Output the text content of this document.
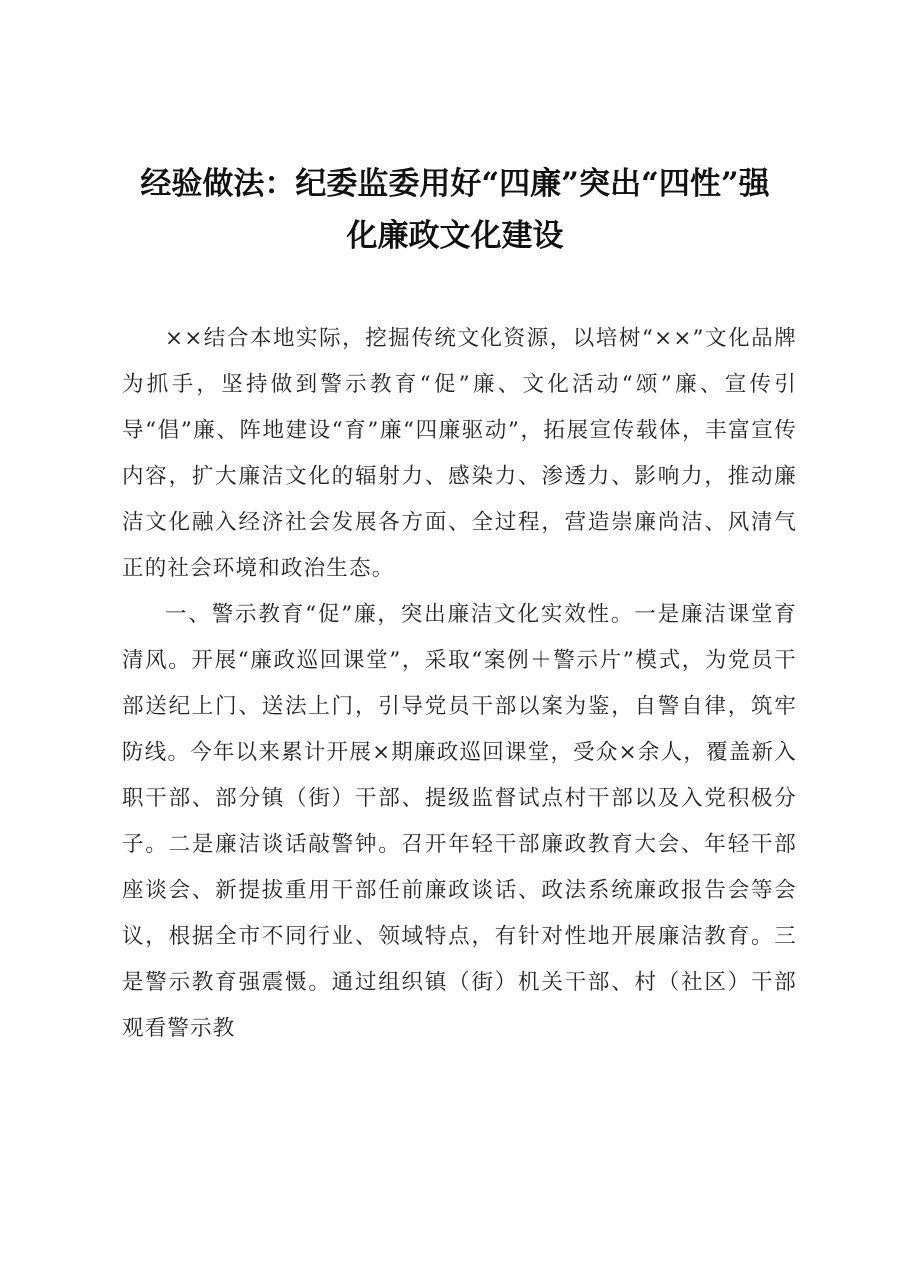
经验做法：纪委监委用好“四廉”突出“四性”强化廉政文化建设

××结合本地实际，挖掘传统文化资源，以培树“××”文化品牌为抓手，坚持做到警示教育“促”廉、文化活动“颂”廉、宣传引导“倡”廉、阵地建设“育”廉“四廉驱动”，拓展宣传载体，丰富宣传内容，扩大廉洁文化的辐射力、感染力、渗透力、影响力，推动廉洁文化融入经济社会发展各方面、全过程，营造崇廉尚洁、风清气正的社会环境和政治生态。

一、警示教育“促”廉，突出廉洁文化实效性。一是廉洁课堂育清风。开展“廉政巡回课堂”，采取“案例＋警示片”模式，为党员干部送纪上门、送法上门，引导党员干部以案为鉴，自警自律，筑牢防线。今年以来累计开展×期廉政巡回课堂，受众×余人，覆盖新入职干部、部分镇（街）干部、提级监督试点村干部以及入党积极分子。二是廉洁谈话敲警钟。召开年轻干部廉政教育大会、年轻干部座谈会、新提拔重用干部任前廉政谈话、政法系统廉政报告会等会议，根据全市不同行业、领域特点，有针对性地开展廉洁教育。三是警示教育强震慑。通过组织镇（街）机关干部、村（社区）干部观看警示教
